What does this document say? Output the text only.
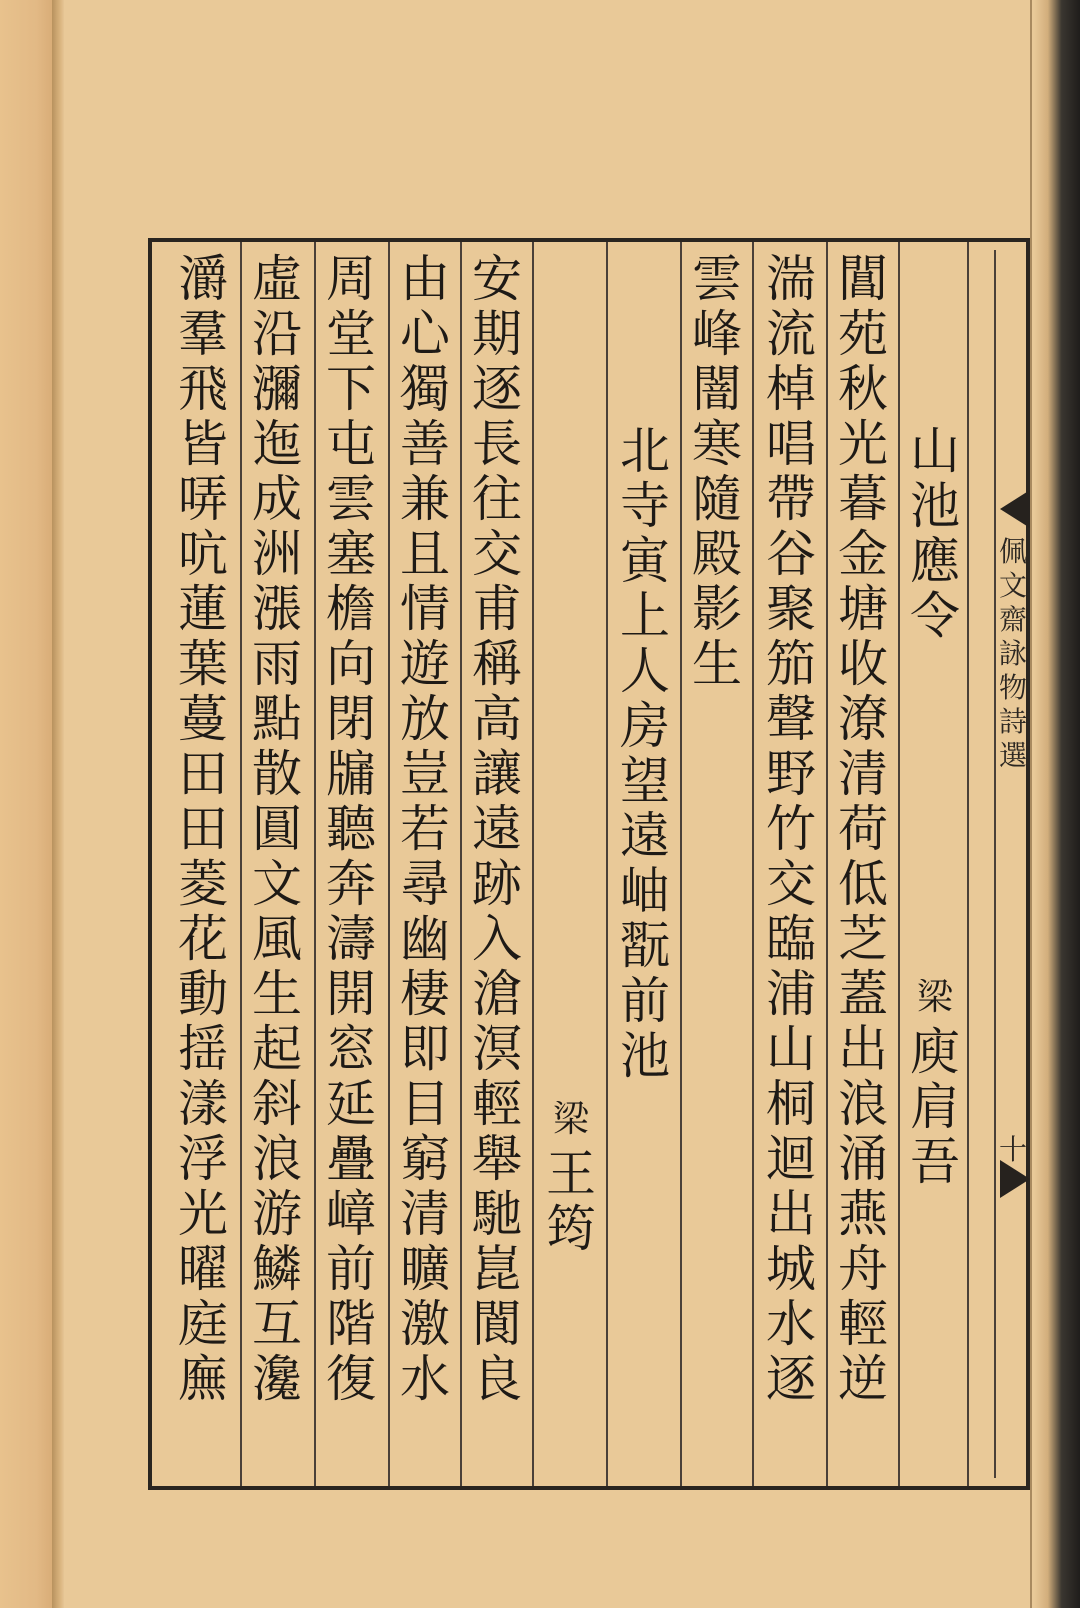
佩
文
齋
詠
物
詩
選
十
山
池
應
令
梁
庾
肩
吾
閶
苑
秋
光
暮
金
塘
收
潦
清
荷
低
芝
蓋
出
浪
涌
燕
舟
輕
逆
湍
流
棹
唱
帶
谷
聚
笳
聲
野
竹
交
臨
浦
山
桐
迴
出
城
水
逐
雲
峰
闇
寒
隨
殿
影
生
北
寺
寅
上
人
房
望
遠
岫
翫
前
池
梁
王
筠
安
期
逐
長
往
交
甫
稱
高
讓
遠
跡
入
滄
溟
輕
舉
馳
崑
閬
良
由
心
獨
善
兼
且
情
遊
放
豈
若
尋
幽
棲
即
目
窮
清
曠
激
水
周
堂
下
屯
雲
塞
檐
向
閉
牖
聽
奔
濤
開
窓
延
疊
嶂
前
階
復
虛
沿
瀰
迤
成
洲
漲
雨
點
散
圓
文
風
生
起
斜
浪
游
鱗
互
瀺
灂
羣
飛
皆
哢
吭
蓮
葉
蔓
田
田
菱
花
動
揺
漾
浮
光
曜
庭
廡
